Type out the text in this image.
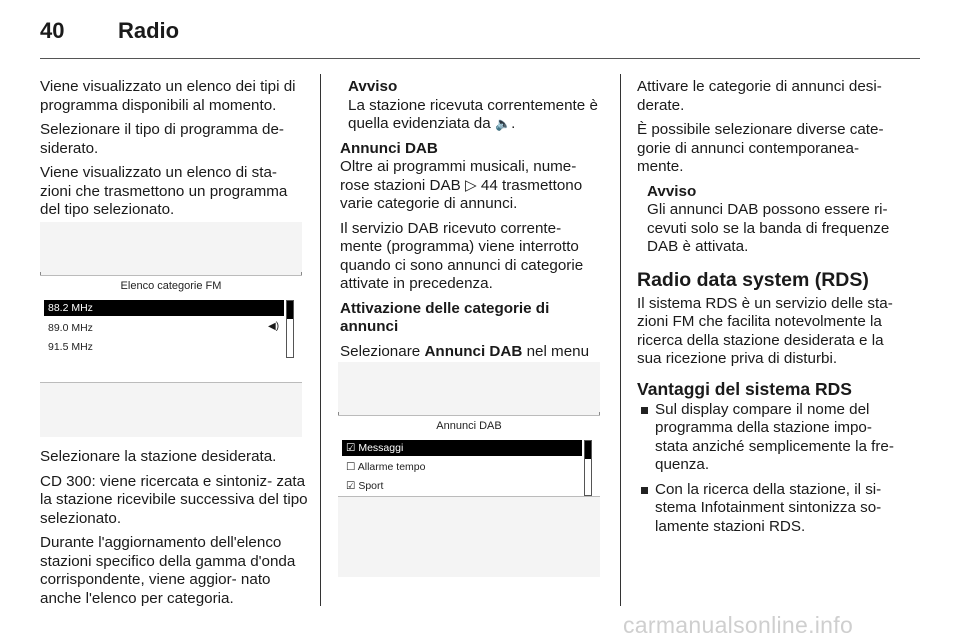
40 Radio

Viene visualizzato un elenco dei tipi di programma disponibili al momento.

Selezionare il tipo di programma de- siderato.

Viene visualizzato un elenco di sta- zioni che trasmettono un programma del tipo selezionato.

Elenco categorie FM
88.2 MHz
89.0 MHz	◀)
91.5 MHz

Selezionare la stazione desiderata.

CD 300: viene ricercata e sintoniz- zata la stazione ricevibile successiva del tipo selezionato.

Durante l'aggiornamento dell'elenco stazioni specifico della gamma d'onda corrispondente, viene aggior- nato anche l'elenco per categoria.

Avviso

La stazione ricevuta correntemente è quella evidenziata da 🔈.

Annunci DAB

Oltre ai programmi musicali, nume- rose stazioni DAB ▷ 44 trasmettono varie categorie di annunci.

Il servizio DAB ricevuto corrente- mente (programma) viene interrotto quando ci sono annunci di categorie attivate in precedenza.

Attivazione delle categorie di annunci

Selezionare Annunci DAB nel menu

Annunci DAB
☑ Messaggi
☐ Allarme tempo
☑ Sport

Attivare le categorie di annunci desi- derate.

È possibile selezionare diverse cate- gorie di annunci contemporanea- mente.

Avviso

Gli annunci DAB possono essere ri- cevuti solo se la banda di frequenze DAB è attivata.

Radio data system (RDS)

Il sistema RDS è un servizio delle sta- zioni FM che facilita notevolmente la ricerca della stazione desiderata e la sua ricezione priva di disturbi.

Vantaggi del sistema RDS
Sul display compare il nome del programma della stazione impo- stata anziché semplicemente la fre- quenza.
Con la ricerca della stazione, il si- stema Infotainment sintonizza so- lamente stazioni RDS.
carmanualsonline.info
